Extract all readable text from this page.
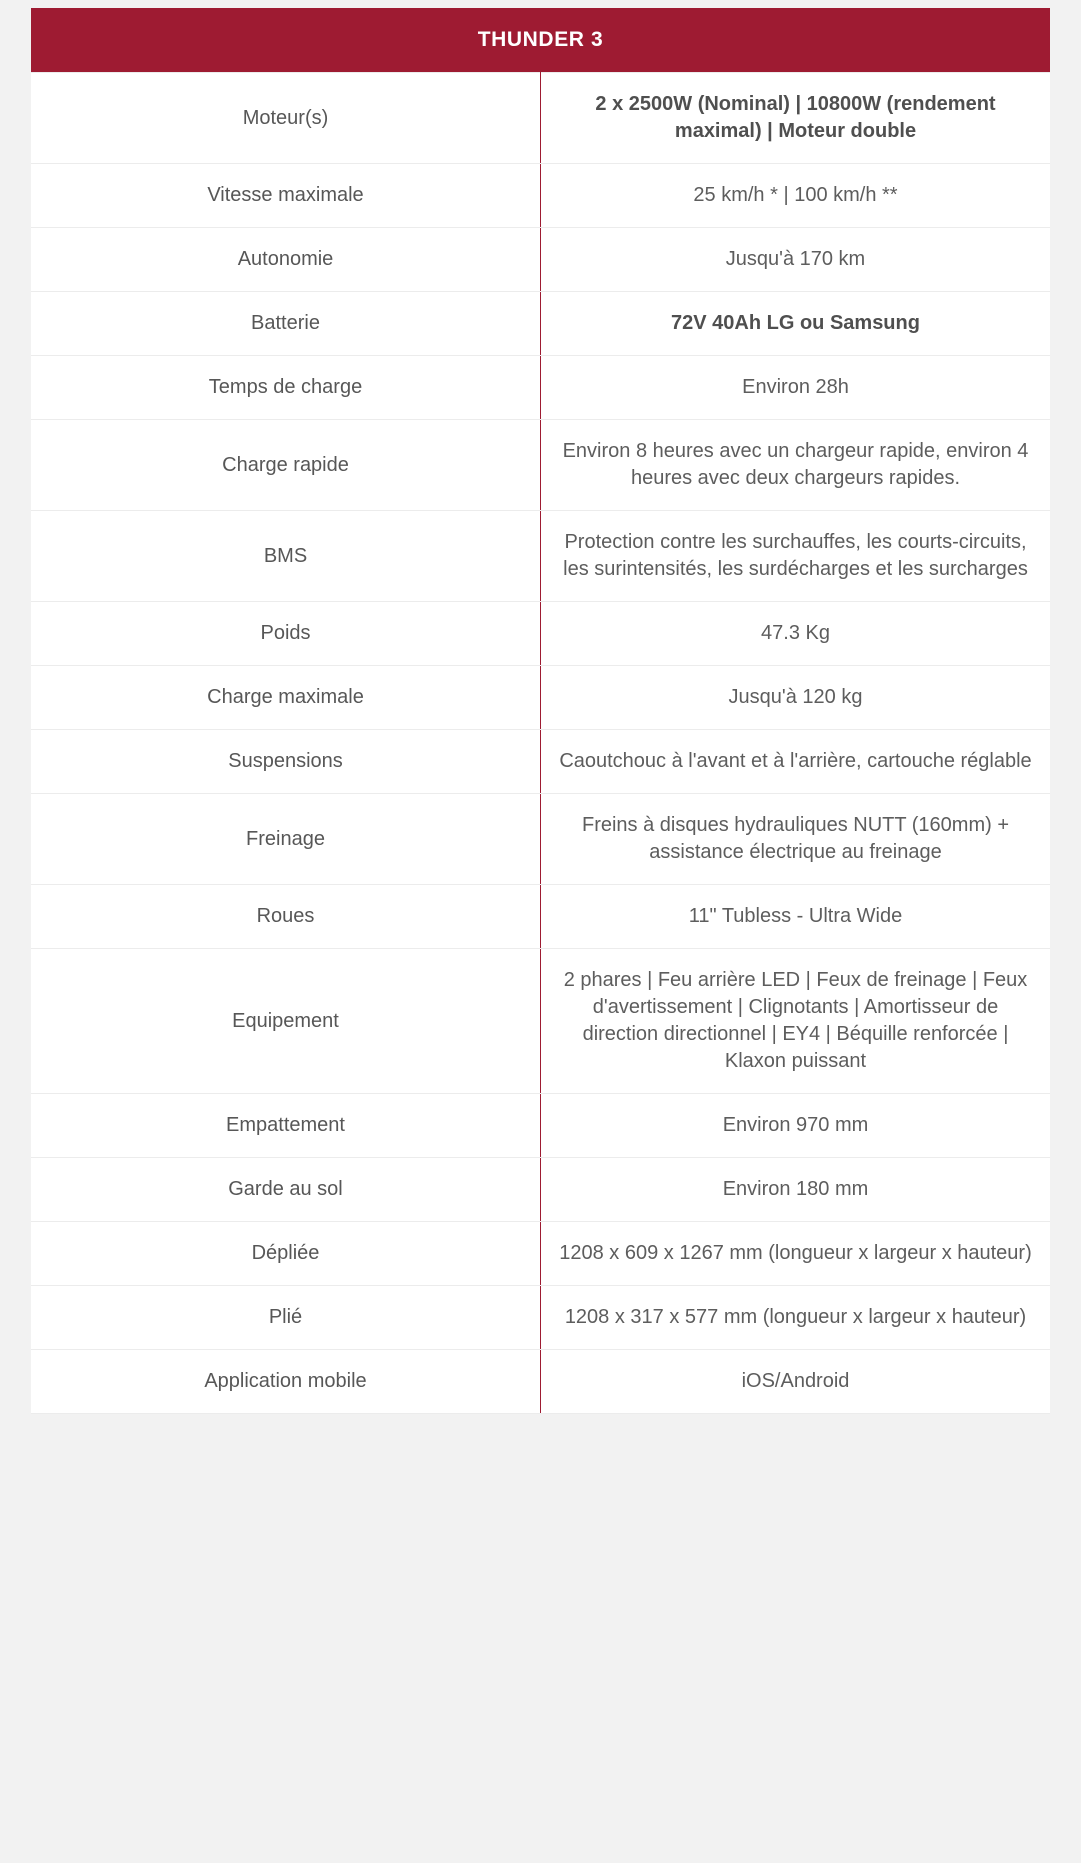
THUNDER 3	
Moteur(s)	2 x 2500W (Nominal) | 10800W (rendement maximal) | Moteur double
Vitesse maximale	25 km/h * | 100 km/h **
Autonomie	Jusqu'à 170 km
Batterie	72V 40Ah LG ou Samsung
Temps de charge	Environ 28h
Charge rapide	Environ 8 heures avec un chargeur rapide, environ 4 heures avec deux chargeurs rapides.
BMS	Protection contre les surchauffes, les courts-circuits, les surintensités, les surdécharges et les surcharges
Poids	47.3 Kg
Charge maximale	Jusqu'à 120 kg
Suspensions	Caoutchouc à l'avant et à l'arrière, cartouche réglable
Freinage	Freins à disques hydrauliques NUTT (160mm) + assistance électrique au freinage
Roues	11" Tubless - Ultra Wide
Equipement	2 phares | Feu arrière LED | Feux de freinage | Feux d'avertissement | Clignotants | Amortisseur de direction directionnel | EY4 | Béquille renforcée | Klaxon puissant
Empattement	Environ 970 mm
Garde au sol	Environ 180 mm
Dépliée	1208 x 609 x 1267 mm (longueur x largeur x hauteur)
Plié	1208 x 317 x 577 mm (longueur x largeur x hauteur)
Application mobile	iOS/Android
